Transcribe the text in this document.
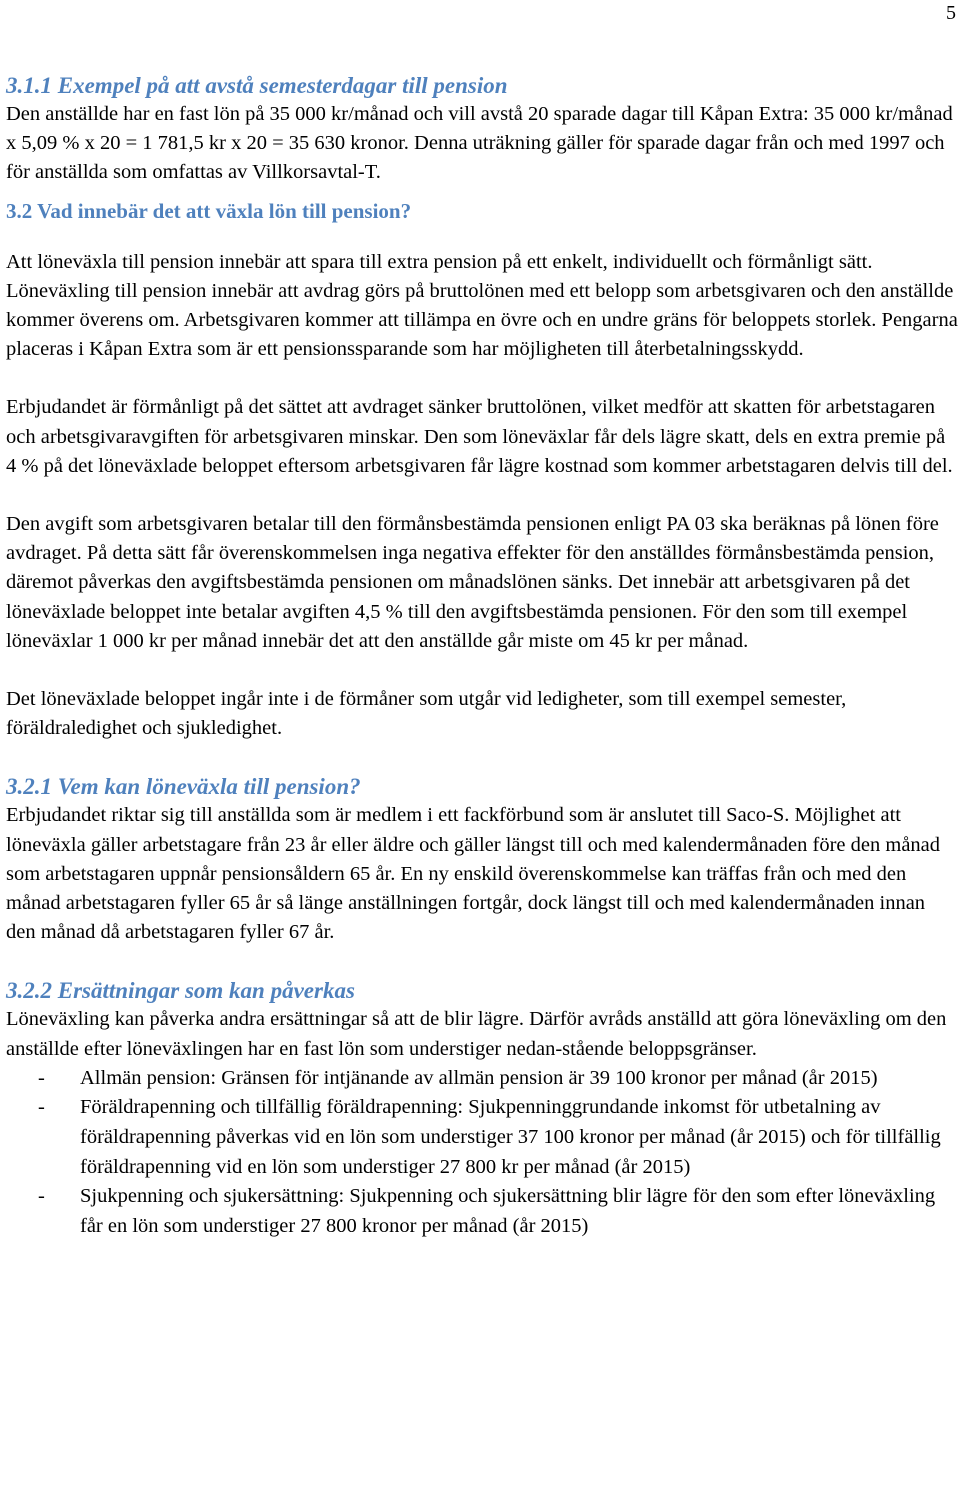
5
3.1.1 Exempel på att avstå semesterdagar till pension

Den anställde har en fast lön på 35 000 kr/månad och vill avstå 20 sparade dagar till Kåpan Extra: 35 000 kr/månad x 5,09 % x 20 = 1 781,5 kr x 20 = 35 630 kronor. Denna uträkning gäller för sparade dagar från och med 1997 och för anställda som omfattas av Villkorsavtal-T.

3.2 Vad innebär det att växla lön till pension?

Att löneväxla till pension innebär att spara till extra pension på ett enkelt, individuellt och förmånligt sätt. Löneväxling till pension innebär att avdrag görs på bruttolönen med ett belopp som arbetsgivaren och den anställde kommer överens om. Arbetsgivaren kommer att tillämpa en övre och en undre gräns för beloppets storlek. Pengarna placeras i Kåpan Extra som är ett pensionssparande som har möjligheten till återbetalningsskydd.

Erbjudandet är förmånligt på det sättet att avdraget sänker bruttolönen, vilket medför att skatten för arbetstagaren och arbetsgivaravgiften för arbetsgivaren minskar. Den som löneväxlar får dels lägre skatt, dels en extra premie på 4 % på det löneväxlade beloppet eftersom arbetsgivaren får lägre kostnad som kommer arbetstagaren delvis till del.

Den avgift som arbetsgivaren betalar till den förmånsbestämda pensionen enligt PA 03 ska beräknas på lönen före avdraget. På detta sätt får överenskommelsen inga negativa effekter för den anställdes förmånsbestämda pension, däremot påverkas den avgiftsbestämda pensionen om månadslönen sänks. Det innebär att arbetsgivaren på det löneväxlade beloppet inte betalar avgiften 4,5 % till den avgiftsbestämda pensionen. För den som till exempel löneväxlar 1 000 kr per månad innebär det att den anställde går miste om 45 kr per månad.

Det löneväxlade beloppet ingår inte i de förmåner som utgår vid ledigheter, som till exempel semester, föräldraledighet och sjukledighet.

3.2.1 Vem kan löneväxla till pension?

Erbjudandet riktar sig till anställda som är medlem i ett fackförbund som är anslutet till Saco-S. Möjlighet att löneväxla gäller arbetstagare från 23 år eller äldre och gäller längst till och med kalendermånaden före den månad som arbetstagaren uppnår pensionsåldern 65 år. En ny enskild överenskommelse kan träffas från och med den månad arbetstagaren fyller 65 år så länge anställningen fortgår, dock längst till och med kalendermånaden innan den månad då arbetstagaren fyller 67 år.

3.2.2 Ersättningar som kan påverkas

Löneväxling kan påverka andra ersättningar så att de blir lägre. Därför avråds anställd att göra löneväxling om den anställde efter löneväxlingen har en fast lön som understiger nedan-stående beloppsgränser.

- Allmän pension: Gränsen för intjänande av allmän pension är 39 100 kronor per månad (år 2015)
- Föräldrapenning och tillfällig föräldrapenning: Sjukpenninggrundande inkomst för utbetalning av föräldrapenning påverkas vid en lön som understiger 37 100 kronor per månad (år 2015) och för tillfällig föräldrapenning vid en lön som understiger 27 800 kr per månad (år 2015)
- Sjukpenning och sjukersättning: Sjukpenning och sjukersättning blir lägre för den som efter löneväxling får en lön som understiger 27 800 kronor per månad (år 2015)
